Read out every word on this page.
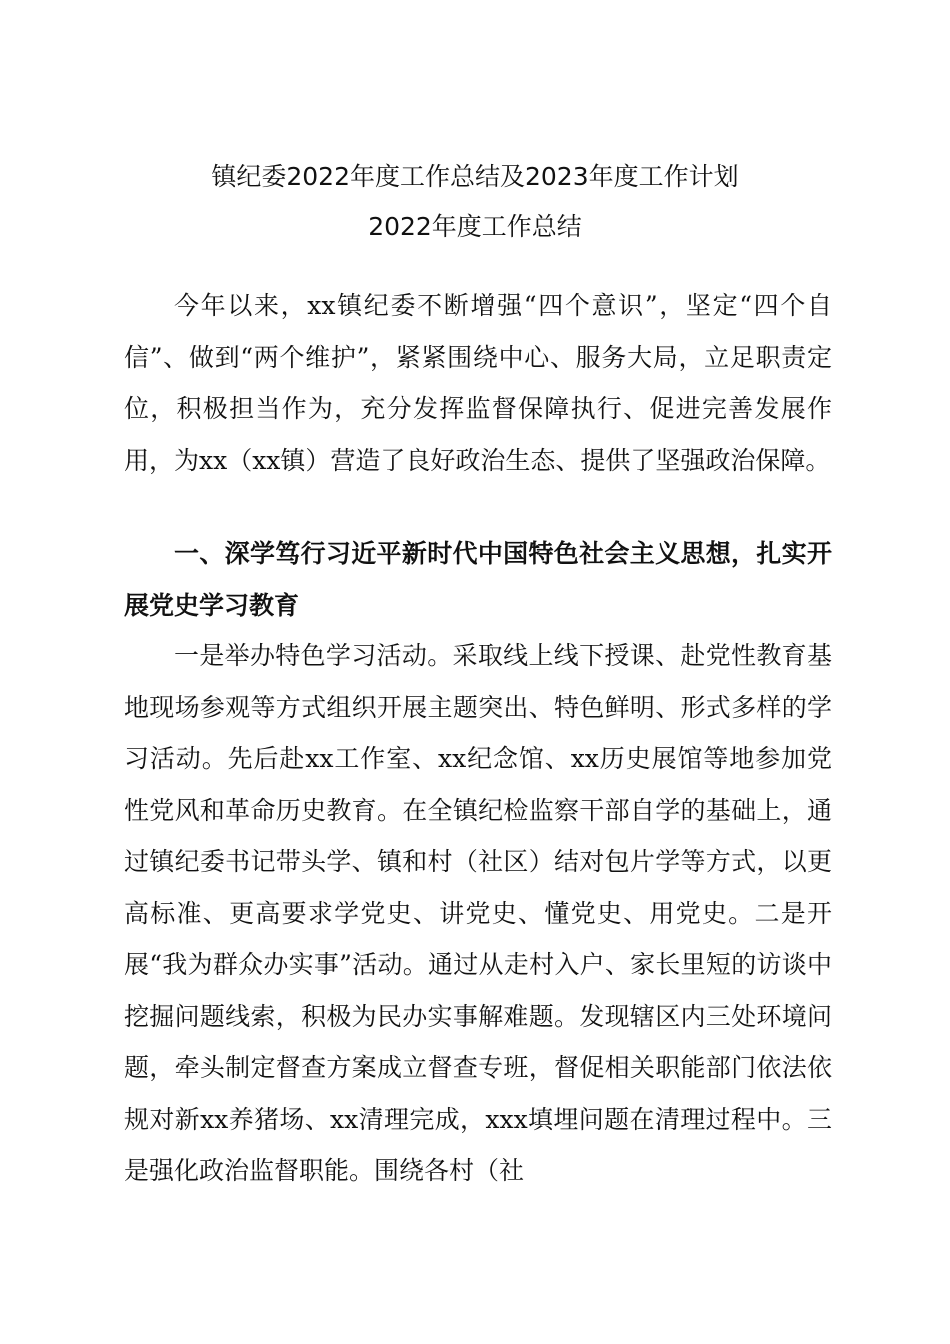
镇纪委2022年度工作总结及2023年度工作计划
2022年度工作总结

今年以来，xx镇纪委不断增强“四个意识”，坚定“四个自信”、做到“两个维护”，紧紧围绕中心、服务大局，立足职责定位，积极担当作为，充分发挥监督保障执行、促进完善发展作用，为xx（xx镇）营造了良好政治生态、提供了坚强政治保障。

一、深学笃行习近平新时代中国特色社会主义思想，扎实开展党史学习教育

一是举办特色学习活动。采取线上线下授课、赴党性教育基地现场参观等方式组织开展主题突出、特色鲜明、形式多样的学习活动。先后赴xx工作室、xx纪念馆、xx历史展馆等地参加党性党风和革命历史教育。在全镇纪检监察干部自学的基础上，通过镇纪委书记带头学、镇和村（社区）结对包片学等方式，以更高标准、更高要求学党史、讲党史、懂党史、用党史。二是开展“我为群众办实事”活动。通过从走村入户、家长里短的访谈中挖掘问题线索，积极为民办实事解难题。发现辖区内三处环境问题，牵头制定督查方案成立督查专班，督促相关职能部门依法依规对新xx养猪场、xx清理完成，xxx填埋问题在清理过程中。三是强化政治监督职能。围绕各村（社
